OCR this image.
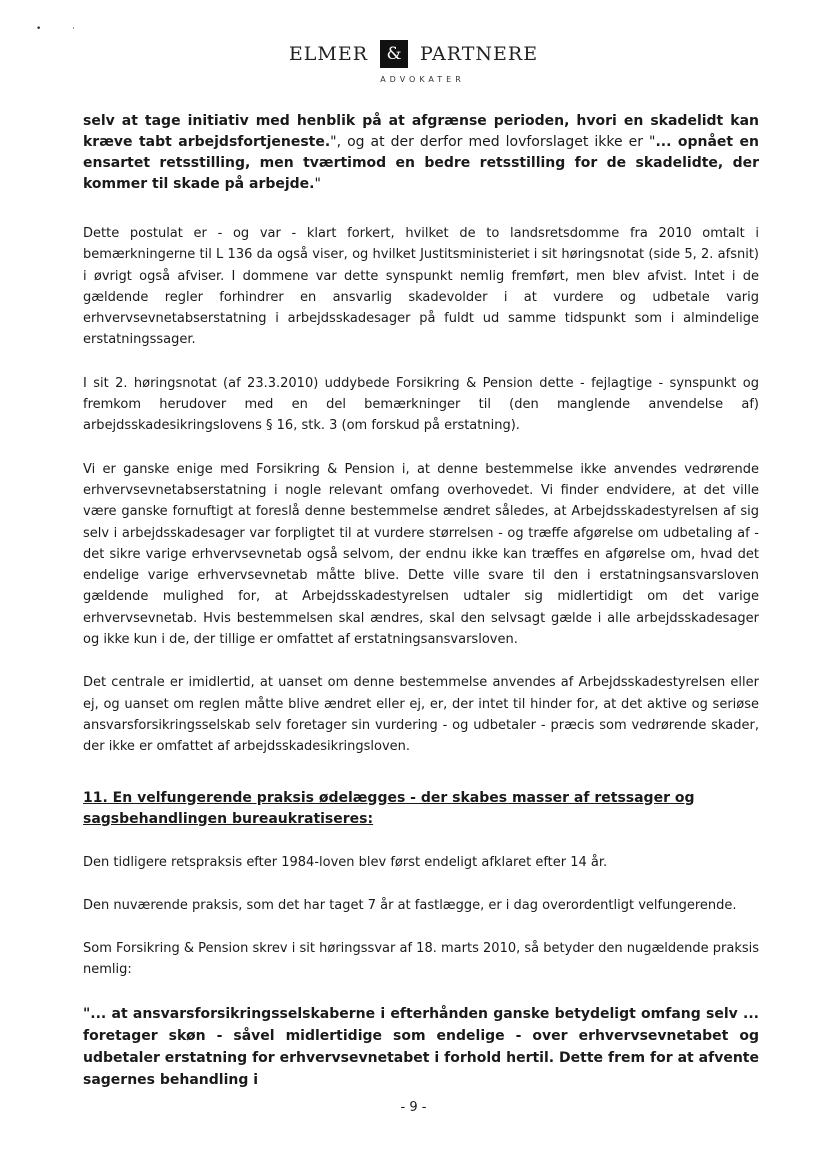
• ·
ELMER	& PARTNERE
ADVOKATER

selv at tage initiativ med henblik på at afgrænse perioden, hvori en skadelidt kan kræve tabt arbejdsfortjeneste.", og at der derfor med lovforslaget ikke er "... opnået en ensartet retsstilling, men tværtimod en bedre retsstilling for de skadelidte, der kommer til skade på arbejde."

Dette postulat er - og var - klart forkert, hvilket de to landsretsdomme fra 2010 omtalt i bemærkningerne til L 136 da også viser, og hvilket Justitsministeriet i sit høringsnotat (side 5, 2. afsnit) i øvrigt også afviser. I dommene var dette synspunkt nemlig fremført, men blev afvist. Intet i de gældende regler forhindrer en ansvarlig skadevolder i at vurdere og udbetale varig erhvervsevnetabserstatning i arbejdsskadesager på fuldt ud samme tidspunkt som i almindelige erstatningssager.

I sit 2. høringsnotat (af 23.3.2010) uddybede Forsikring & Pension dette - fejlagtige - synspunkt og fremkom herudover med en del bemærkninger til (den manglende anvendelse af) arbejdsskadesikringslovens § 16, stk. 3 (om forskud på erstatning).

Vi er ganske enige med Forsikring & Pension i, at denne bestemmelse ikke anvendes vedrørende erhvervsevnetabserstatning i nogle relevant omfang overhovedet. Vi finder endvidere, at det ville være ganske fornuftigt at foreslå denne bestemmelse ændret således, at Arbejdsskadestyrelsen af sig selv i arbejdsskadesager var forpligtet til at vurdere størrelsen - og træffe afgørelse om udbetaling af - det sikre varige erhvervsevnetab også selvom, der endnu ikke kan træffes en afgørelse om, hvad det endelige varige erhvervsevnetab måtte blive. Dette ville svare til den i erstatningsansvarsloven gældende mulighed for, at Arbejdsskadestyrelsen udtaler sig midlertidigt om det varige erhvervsevnetab. Hvis bestemmelsen skal ændres, skal den selvsagt gælde i alle arbejdsskadesager og ikke kun i de, der tillige er omfattet af erstatningsansvarsloven.

Det centrale er imidlertid, at uanset om denne bestemmelse anvendes af Arbejdsskadestyrelsen eller ej, og uanset om reglen måtte blive ændret eller ej, er, der intet til hinder for, at det aktive og seriøse ansvarsforsikringsselskab selv foretager sin vurdering - og udbetaler - præcis som vedrørende skader, der ikke er omfattet af arbejdsskadesikringsloven.

11. En velfungerende praksis ødelægges - der skabes masser af retssager og sagsbehandlingen bureaukratiseres:

Den tidligere retspraksis efter 1984-loven blev først endeligt afklaret efter 14 år.

Den nuværende praksis, som det har taget 7 år at fastlægge, er i dag overordentligt velfungerende.

Som Forsikring & Pension skrev i sit høringssvar af 18. marts 2010, så betyder den nugældende praksis nemlig:

"... at ansvarsforsikringsselskaberne i efterhånden ganske betydeligt omfang selv ... foretager skøn - såvel midlertidige som endelige - over erhvervsevnetabet og udbetaler erstatning for erhvervsevnetabet i forhold hertil. Dette frem for at afvente sagernes behandling i

- 9 -
